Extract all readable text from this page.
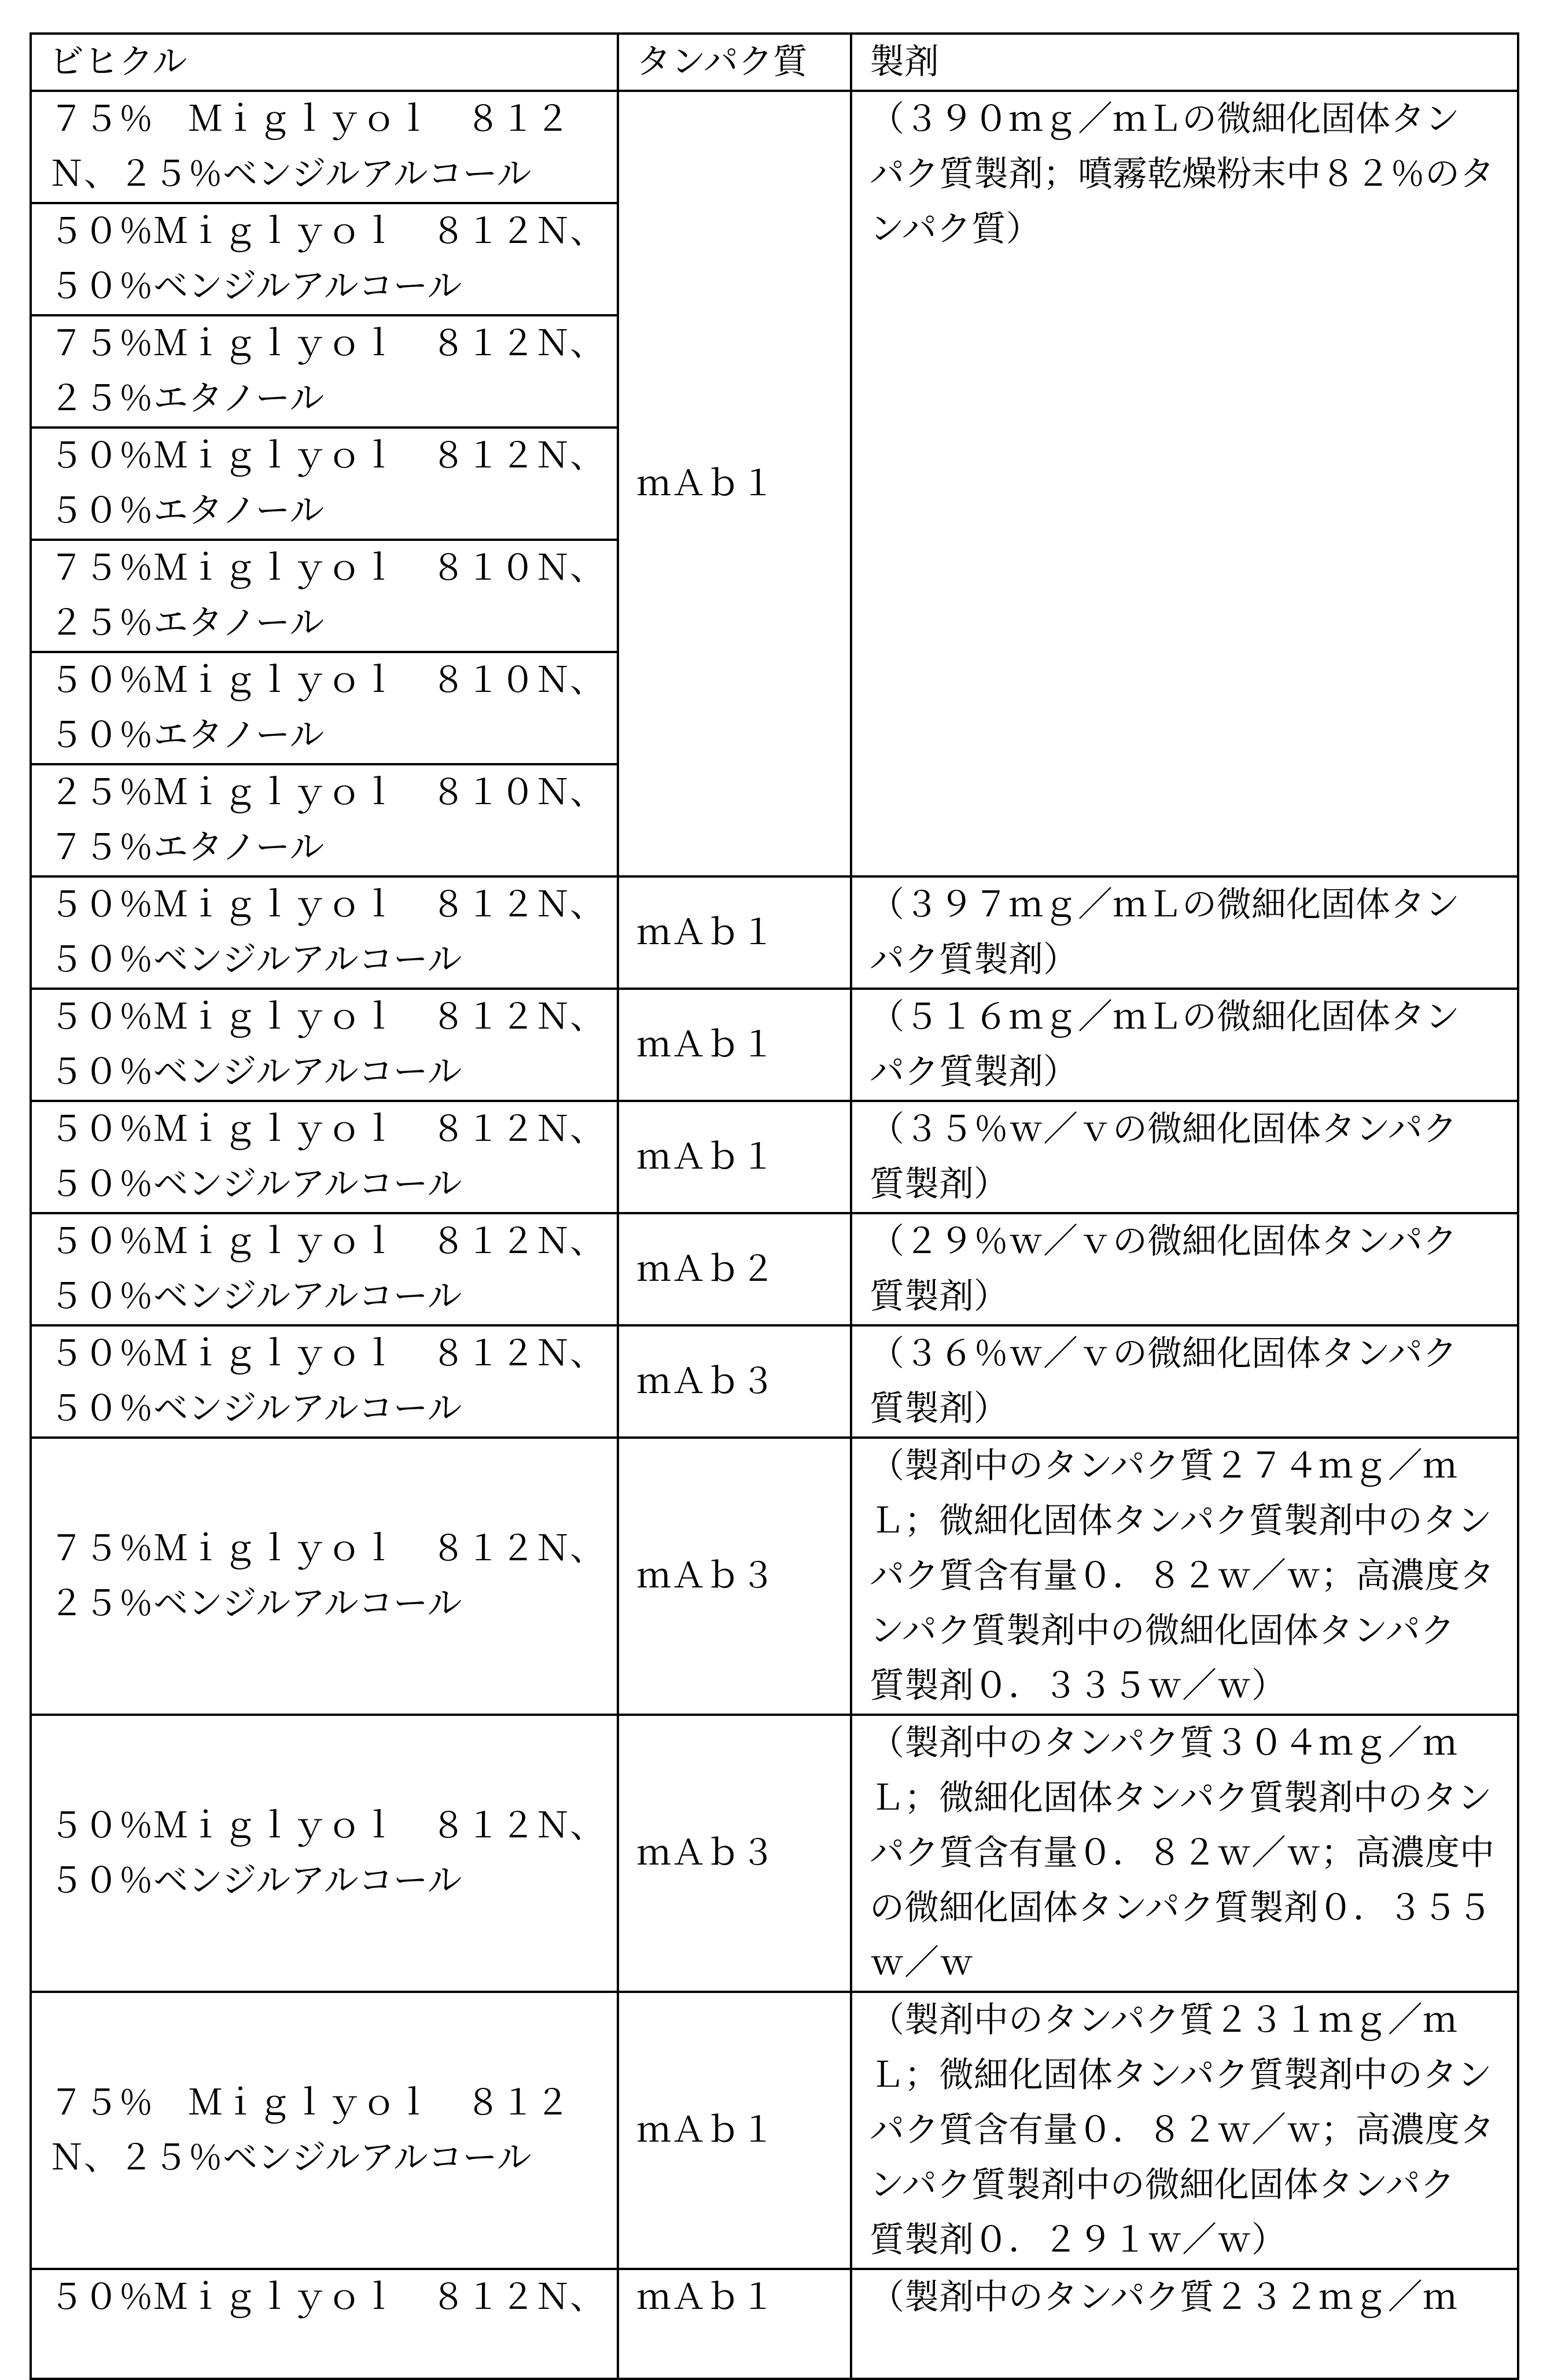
ビヒクル	タンパク質	製剤
７５％　Ｍｉｇｌｙｏｌ　８１２
Ｎ、２５％ベンジルアルコール	ｍＡｂ１	（３９０ｍｇ／ｍＬの微細化固体タン
パク質製剤；噴霧乾燥粉末中８２％のタ
ンパク質）
５０％Ｍｉｇｌｙｏｌ　８１２Ｎ、
５０％ベンジルアルコール
７５％Ｍｉｇｌｙｏｌ　８１２Ｎ、
２５％エタノール
５０％Ｍｉｇｌｙｏｌ　８１２Ｎ、
５０％エタノール
７５％Ｍｉｇｌｙｏｌ　８１０Ｎ、
２５％エタノール
５０％Ｍｉｇｌｙｏｌ　８１０Ｎ、
５０％エタノール
２５％Ｍｉｇｌｙｏｌ　８１０Ｎ、
７５％エタノール
５０％Ｍｉｇｌｙｏｌ　８１２Ｎ、
５０％ベンジルアルコール	ｍＡｂ１	（３９７ｍｇ／ｍＬの微細化固体タン
パク質製剤）
５０％Ｍｉｇｌｙｏｌ　８１２Ｎ、
５０％ベンジルアルコール	ｍＡｂ１	（５１６ｍｇ／ｍＬの微細化固体タン
パク質製剤）
５０％Ｍｉｇｌｙｏｌ　８１２Ｎ、
５０％ベンジルアルコール	ｍＡｂ１	（３５％ｗ／ｖの微細化固体タンパク
質製剤）
５０％Ｍｉｇｌｙｏｌ　８１２Ｎ、
５０％ベンジルアルコール	ｍＡｂ２	（２９％ｗ／ｖの微細化固体タンパク
質製剤）
５０％Ｍｉｇｌｙｏｌ　８１２Ｎ、
５０％ベンジルアルコール	ｍＡｂ３	（３６％ｗ／ｖの微細化固体タンパク
質製剤）
７５％Ｍｉｇｌｙｏｌ　８１２Ｎ、
２５％ベンジルアルコール	ｍＡｂ３	（製剤中のタンパク質２７４ｍｇ／ｍ
Ｌ；微細化固体タンパク質製剤中のタン
パク質含有量０．８２ｗ／ｗ；高濃度タ
ンパク質製剤中の微細化固体タンパク
質製剤０．３３５ｗ／ｗ）
５０％Ｍｉｇｌｙｏｌ　８１２Ｎ、
５０％ベンジルアルコール	ｍＡｂ３	（製剤中のタンパク質３０４ｍｇ／ｍ
Ｌ；微細化固体タンパク質製剤中のタン
パク質含有量０．８２ｗ／ｗ；高濃度中
の微細化固体タンパク質製剤０．３５５
ｗ／ｗ
７５％　Ｍｉｇｌｙｏｌ　８１２
Ｎ、２５％ベンジルアルコール	ｍＡｂ１	（製剤中のタンパク質２３１ｍｇ／ｍ
Ｌ；微細化固体タンパク質製剤中のタン
パク質含有量０．８２ｗ／ｗ；高濃度タ
ンパク質製剤中の微細化固体タンパク
質製剤０．２９１ｗ／ｗ）
５０％Ｍｉｇｌｙｏｌ　８１２Ｎ、	ｍＡｂ１	（製剤中のタンパク質２３２ｍｇ／ｍ
